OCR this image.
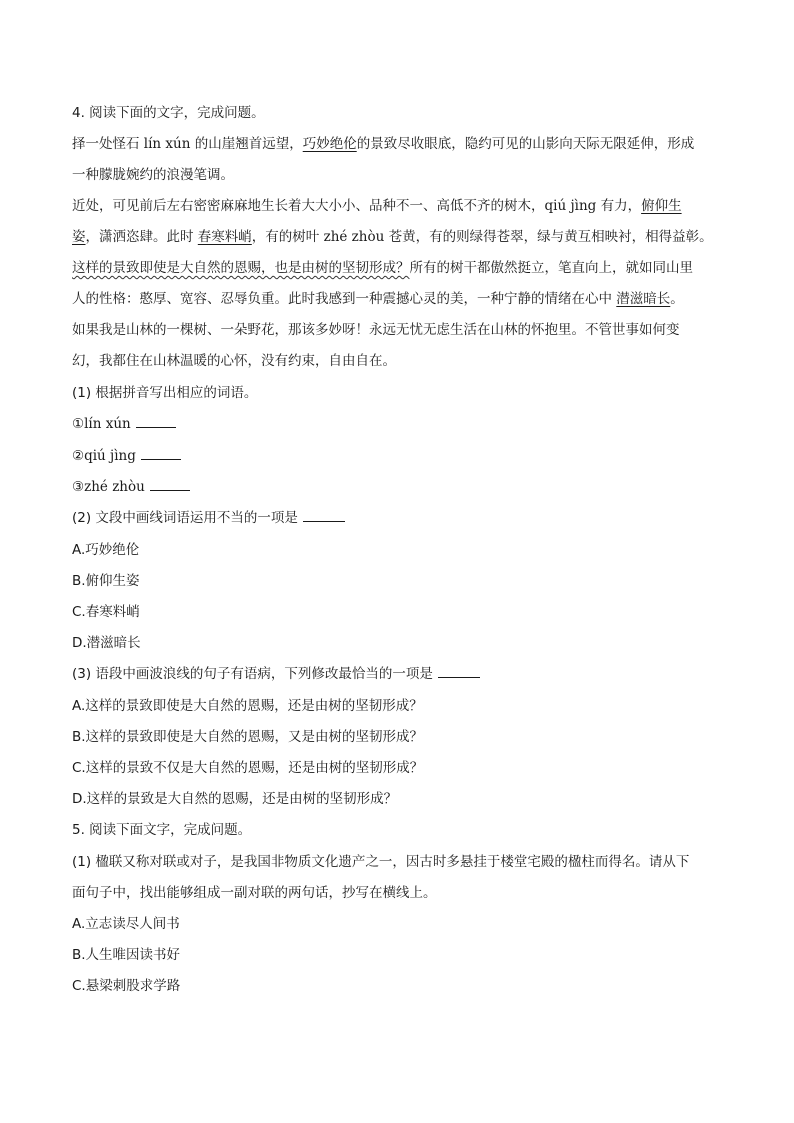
4. 阅读下面的文字，完成问题。
择一处怪石 lín xún 的山崖翘首远望，巧妙绝伦的景致尽收眼底，隐约可见的山影向天际无限延伸，形成
一种朦胧婉约的浪漫笔调。
近处，可见前后左右密密麻麻地生长着大大小小、品种不一、高低不齐的树木，qiú jìng 有力，俯仰生
姿，潇洒恣肆。此时 春寒料峭，有的树叶 zhé zhòu 苍黄，有的则绿得苍翠，绿与黄互相映衬，相得益彰。
这样的景致即使是大自然的恩赐，也是由树的坚韧形成？所有的树干都傲然挺立，笔直向上，就如同山里
人的性格：憨厚、宽容、忍辱负重。此时我感到一种震撼心灵的美，一种宁静的情绪在心中 潜滋暗长。
如果我是山林的一棵树、一朵野花，那该多妙呀！永远无忧无虑生活在山林的怀抱里。不管世事如何变
幻，我都住在山林温暖的心怀，没有约束，自由自在。
(1) 根据拼音写出相应的词语。
①lín xún
②qiú jìng
③zhé zhòu
(2) 文段中画线词语运用不当的一项是
A.巧妙绝伦
B.俯仰生姿
C.春寒料峭
D.潜滋暗长
(3) 语段中画波浪线的句子有语病，下列修改最恰当的一项是
A.这样的景致即使是大自然的恩赐，还是由树的坚韧形成？
B.这样的景致即使是大自然的恩赐，又是由树的坚韧形成？
C.这样的景致不仅是大自然的恩赐，还是由树的坚韧形成？
D.这样的景致是大自然的恩赐，还是由树的坚韧形成？
5. 阅读下面文字，完成问题。
(1) 楹联又称对联或对子，是我国非物质文化遗产之一，因古时多悬挂于楼堂宅殿的楹柱而得名。请从下
面句子中，找出能够组成一副对联的两句话，抄写在横线上。
A.立志读尽人间书
B.人生唯因读书好
C.悬梁刺股求学路
